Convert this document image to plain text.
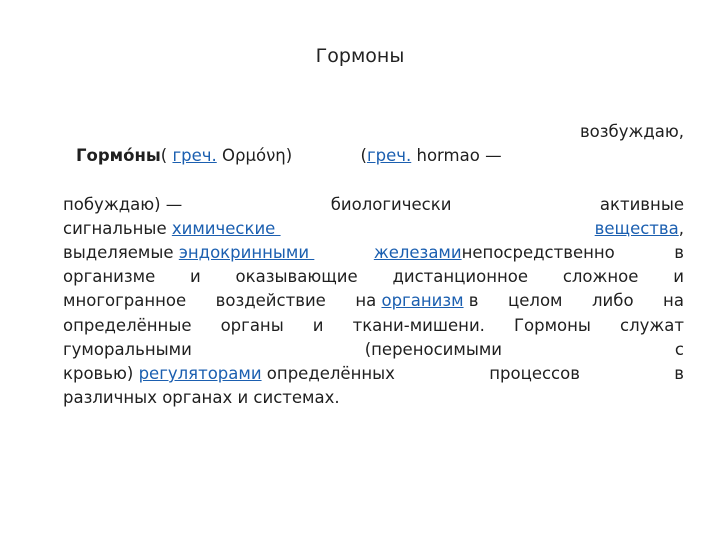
Гормоны

Гормо́ны( греч. Ορμόνη)
	(греч. hormao —

возбуждаю,
побуждаю) —	биологически	активные
сигнальные химические	вещества,
выделяемые эндокринными	железаминепосредственно	в
организме и оказывающие дистанционное сложное и
многогранное воздействие на организм в целом либо на
определённые органы и ткани-мишени. Гормоны служат
гуморальными	(переносимыми	с
кровью) регуляторами определённых	процессов	в
различных органах и системах.
